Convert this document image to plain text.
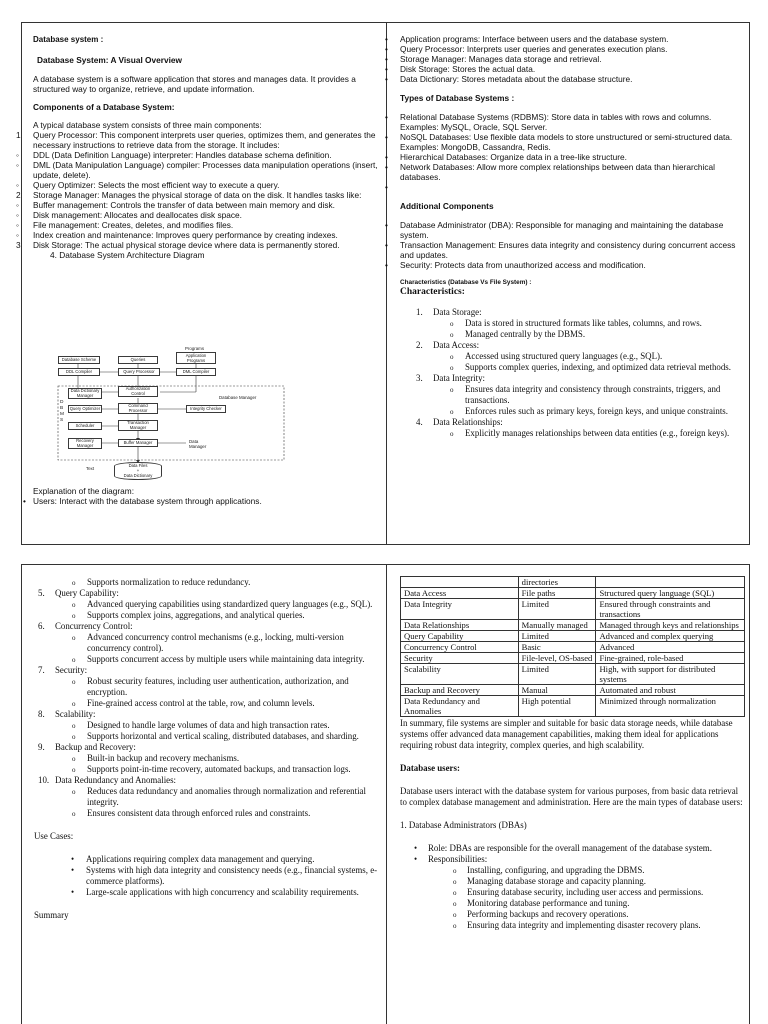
Database system :

Database System: A Visual Overview

A database system is a software application that stores and manages data. It provides a structured way to organize, retrieve, and update information.

Components of a Database System:

A typical database system consists of three main components:

1 Query Processor: This component interprets user queries, optimizes them, and generates the necessary instructions to retrieve data from the storage. It includes:
◦ DDL (Data Definition Language) interpreter: Handles database schema definition.
◦ DML (Data Manipulation Language) compiler: Processes data manipulation operations (insert, update, delete).
◦ Query Optimizer: Selects the most efficient way to execute a query.
2 Storage Manager: Manages the physical storage of data on the disk. It handles tasks like:
◦ Buffer management: Controls the transfer of data between main memory and disk.
◦ Disk management: Allocates and deallocates disk space.
◦ File management: Creates, deletes, and modifies files.
◦ Index creation and maintenance: Improves query performance by creating indexes.
3 Disk Storage: The actual physical storage device where data is permanently stored.

4. Database System Architecture Diagram

Programs
Database Scheme	Queries
Application Programs
DDL Compiler	Query Processor	DML Compiler
Data Dictionary Manager
Authorization Control
Database Manager
D B M S
Query Optimizer
Command Processor	Integrity Checker
Scheduler
Transaction Manager
Recovery Manager
Buffer Manager	Data Manager
Text
Data Files
+
Data Dictionary

Explanation of the diagram:

• Users: Interact with the database system through applications.
• Application programs: Interface between users and the database system.
• Query Processor: Interprets user queries and generates execution plans.
• Storage Manager: Manages data storage and retrieval.
• Disk Storage: Stores the actual data.
• Data Dictionary: Stores metadata about the database structure.

Types of Database Systems :

• Relational Database Systems (RDBMS): Store data in tables with rows and columns. Examples: MySQL, Oracle, SQL Server.
• NoSQL Databases: Use flexible data models to store unstructured or semi-structured data. Examples: MongoDB, Cassandra, Redis.
• Hierarchical Databases: Organize data in a tree-like structure.
• Network Databases: Allow more complex relationships between data than hierarchical databases.
•

Additional Components

• Database Administrator (DBA): Responsible for managing and maintaining the database system.
• Transaction Management: Ensures data integrity and consistency during concurrent access and updates.
• Security: Protects data from unauthorized access and modification.

Characteristics (Database Vs File System) :

Characteristics:

1. Data Storage:
o Data is stored in structured formats like tables, columns, and rows.
o Managed centrally by the DBMS.
2. Data Access:
o Accessed using structured query languages (e.g., SQL).
o Supports complex queries, indexing, and optimized data retrieval methods.
3. Data Integrity:
o Ensures data integrity and consistency through constraints, triggers, and transactions.
o Enforces rules such as primary keys, foreign keys, and unique constraints.
4. Data Relationships:
o Explicitly manages relationships between data entities (e.g., foreign keys).
o Supports normalization to reduce redundancy.
5. Query Capability:
o Advanced querying capabilities using standardized query languages (e.g., SQL).
o Supports complex joins, aggregations, and analytical queries.
6. Concurrency Control:
o Advanced concurrency control mechanisms (e.g., locking, multi-version concurrency control).
o Supports concurrent access by multiple users while maintaining data integrity.
7. Security:
o Robust security features, including user authentication, authorization, and encryption.
o Fine-grained access control at the table, row, and column levels.
8. Scalability:
o Designed to handle large volumes of data and high transaction rates.
o Supports horizontal and vertical scaling, distributed databases, and sharding.
9. Backup and Recovery:
o Built-in backup and recovery mechanisms.
o Supports point-in-time recovery, automated backups, and transaction logs.
10. Data Redundancy and Anomalies:
o Reduces data redundancy and anomalies through normalization and referential integrity.
o Ensures consistent data through enforced rules and constraints.

Use Cases:

• Applications requiring complex data management and querying.
• Systems with high data integrity and consistency needs (e.g., financial systems, e-commerce platforms).
• Large-scale applications with high concurrency and scalability requirements.

Summary

	directories	
Data Access	File paths	Structured query language (SQL)
Data Integrity	Limited	Ensured through constraints and transactions
Data Relationships	Manually managed	Managed through keys and relationships
Query Capability	Limited	Advanced and complex querying
Concurrency Control	Basic	Advanced
Security	File-level, OS-based	Fine-grained, role-based
Scalability	Limited	High, with support for distributed systems
Backup and Recovery	Manual	Automated and robust
Data Redundancy and Anomalies	High potential	Minimized through normalization

In summary, file systems are simpler and suitable for basic data storage needs, while database systems offer advanced data management capabilities, making them ideal for applications requiring robust data integrity, complex queries, and high scalability.

Database users:

Database users interact with the database system for various purposes, from basic data retrieval to complex database management and administration. Here are the main types of database users:

1. Database Administrators (DBAs)

• Role: DBAs are responsible for the overall management of the database system.
• Responsibilities:
o Installing, configuring, and upgrading the DBMS.
o Managing database storage and capacity planning.
o Ensuring database security, including user access and permissions.
o Monitoring database performance and tuning.
o Performing backups and recovery operations.
o Ensuring data integrity and implementing disaster recovery plans.
